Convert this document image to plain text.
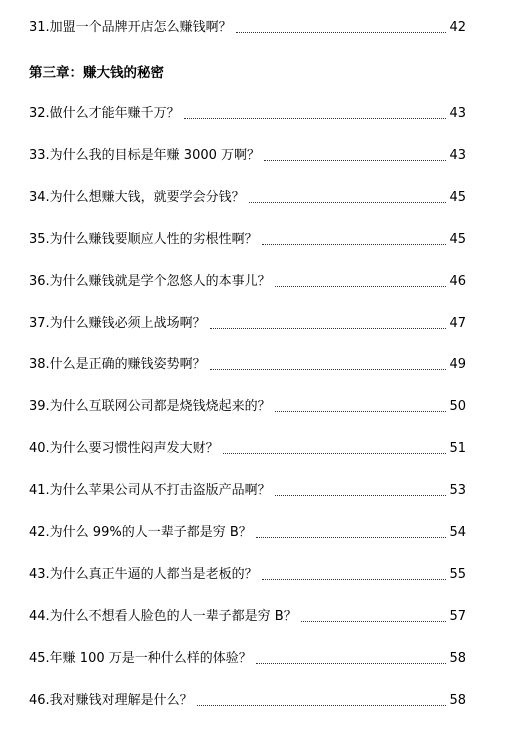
31.加盟一个品牌开店怎么赚钱啊？	42
第三章：赚大钱的秘密
32.做什么才能年赚千万？	43
33.为什么我的目标是年赚 3000 万啊？	43
34.为什么想赚大钱，就要学会分钱？	45
35.为什么赚钱要顺应人性的劣根性啊？	45
36.为什么赚钱就是学个忽悠人的本事儿？	46
37.为什么赚钱必须上战场啊？	47
38.什么是正确的赚钱姿势啊？	49
39.为什么互联网公司都是烧钱烧起来的？	50
40.为什么要习惯性闷声发大财？	51
41.为什么苹果公司从不打击盗版产品啊？	53
42.为什么 99%的人一辈子都是穷 B？	54
43.为什么真正牛逼的人都当是老板的？	55
44.为什么不想看人脸色的人一辈子都是穷 B？	57
45.年赚 100 万是一种什么样的体验？	58
46.我对赚钱对理解是什么？	58
